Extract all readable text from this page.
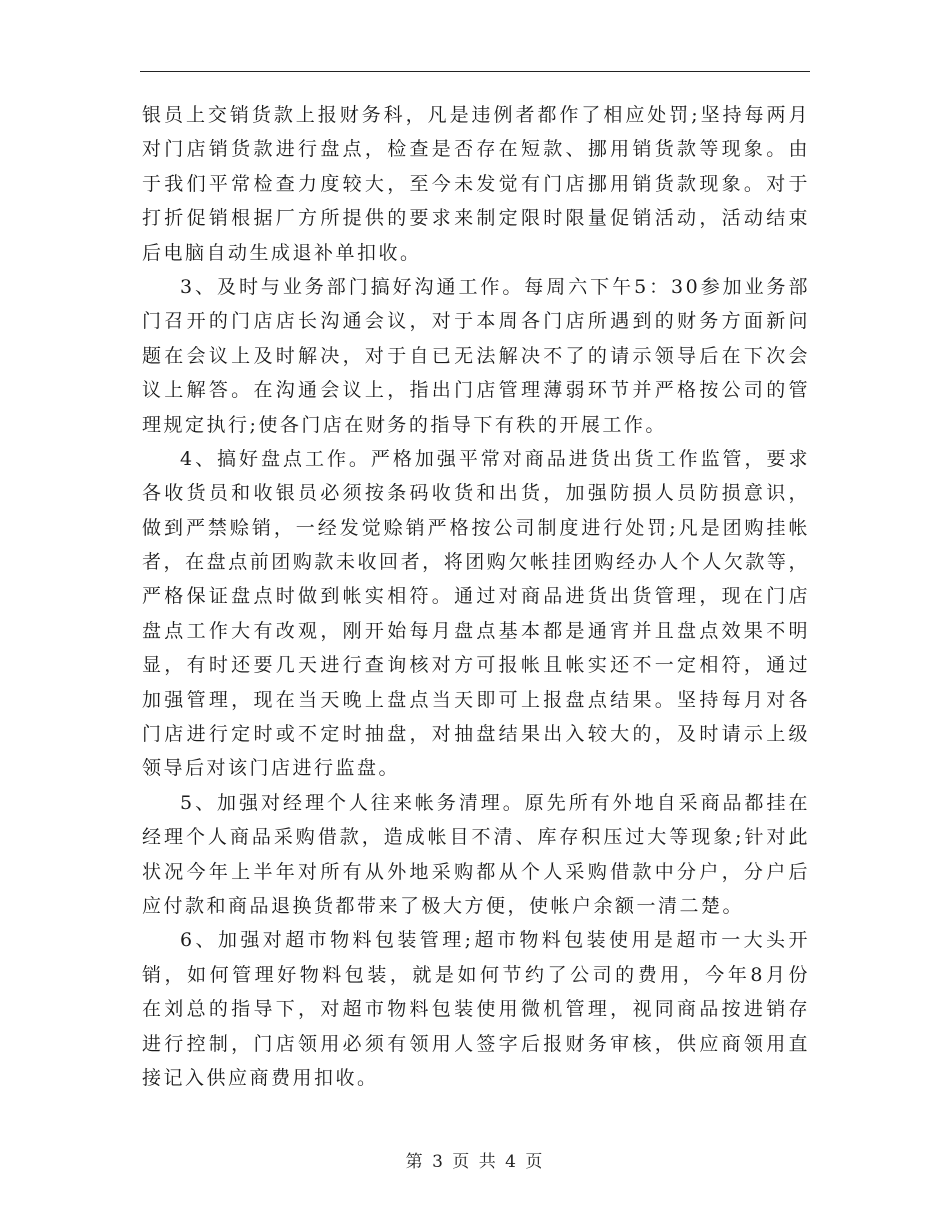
银员上交销货款上报财务科，凡是违例者都作了相应处罚;坚持每两月
对门店销货款进行盘点，检查是否存在短款、挪用销货款等现象。由
于我们平常检查力度较大，至今未发觉有门店挪用销货款现象。对于
打折促销根据厂方所提供的要求来制定限时限量促销活动，活动结束
后电脑自动生成退补单扣收。
3、及时与业务部门搞好沟通工作。每周六下午5：30参加业务部
门召开的门店店长沟通会议，对于本周各门店所遇到的财务方面新问
题在会议上及时解决，对于自已无法解决不了的请示领导后在下次会
议上解答。在沟通会议上，指出门店管理薄弱环节并严格按公司的管
理规定执行;使各门店在财务的指导下有秩的开展工作。
4、搞好盘点工作。严格加强平常对商品进货出货工作监管，要求
各收货员和收银员必须按条码收货和出货，加强防损人员防损意识，
做到严禁赊销，一经发觉赊销严格按公司制度进行处罚;凡是团购挂帐
者，在盘点前团购款未收回者，将团购欠帐挂团购经办人个人欠款等，
严格保证盘点时做到帐实相符。通过对商品进货出货管理，现在门店
盘点工作大有改观，刚开始每月盘点基本都是通宵并且盘点效果不明
显，有时还要几天进行查询核对方可报帐且帐实还不一定相符，通过
加强管理，现在当天晚上盘点当天即可上报盘点结果。坚持每月对各
门店进行定时或不定时抽盘，对抽盘结果出入较大的，及时请示上级
领导后对该门店进行监盘。
5、加强对经理个人往来帐务清理。原先所有外地自采商品都挂在
经理个人商品采购借款，造成帐目不清、库存积压过大等现象;针对此
状况今年上半年对所有从外地采购都从个人采购借款中分户，分户后
应付款和商品退换货都带来了极大方便，使帐户余额一清二楚。
6、加强对超市物料包装管理;超市物料包装使用是超市一大头开
销，如何管理好物料包装，就是如何节约了公司的费用，今年8月份
在刘总的指导下，对超市物料包装使用微机管理，视同商品按进销存
进行控制，门店领用必须有领用人签字后报财务审核，供应商领用直
接记入供应商费用扣收。
第 3 页 共 4 页
